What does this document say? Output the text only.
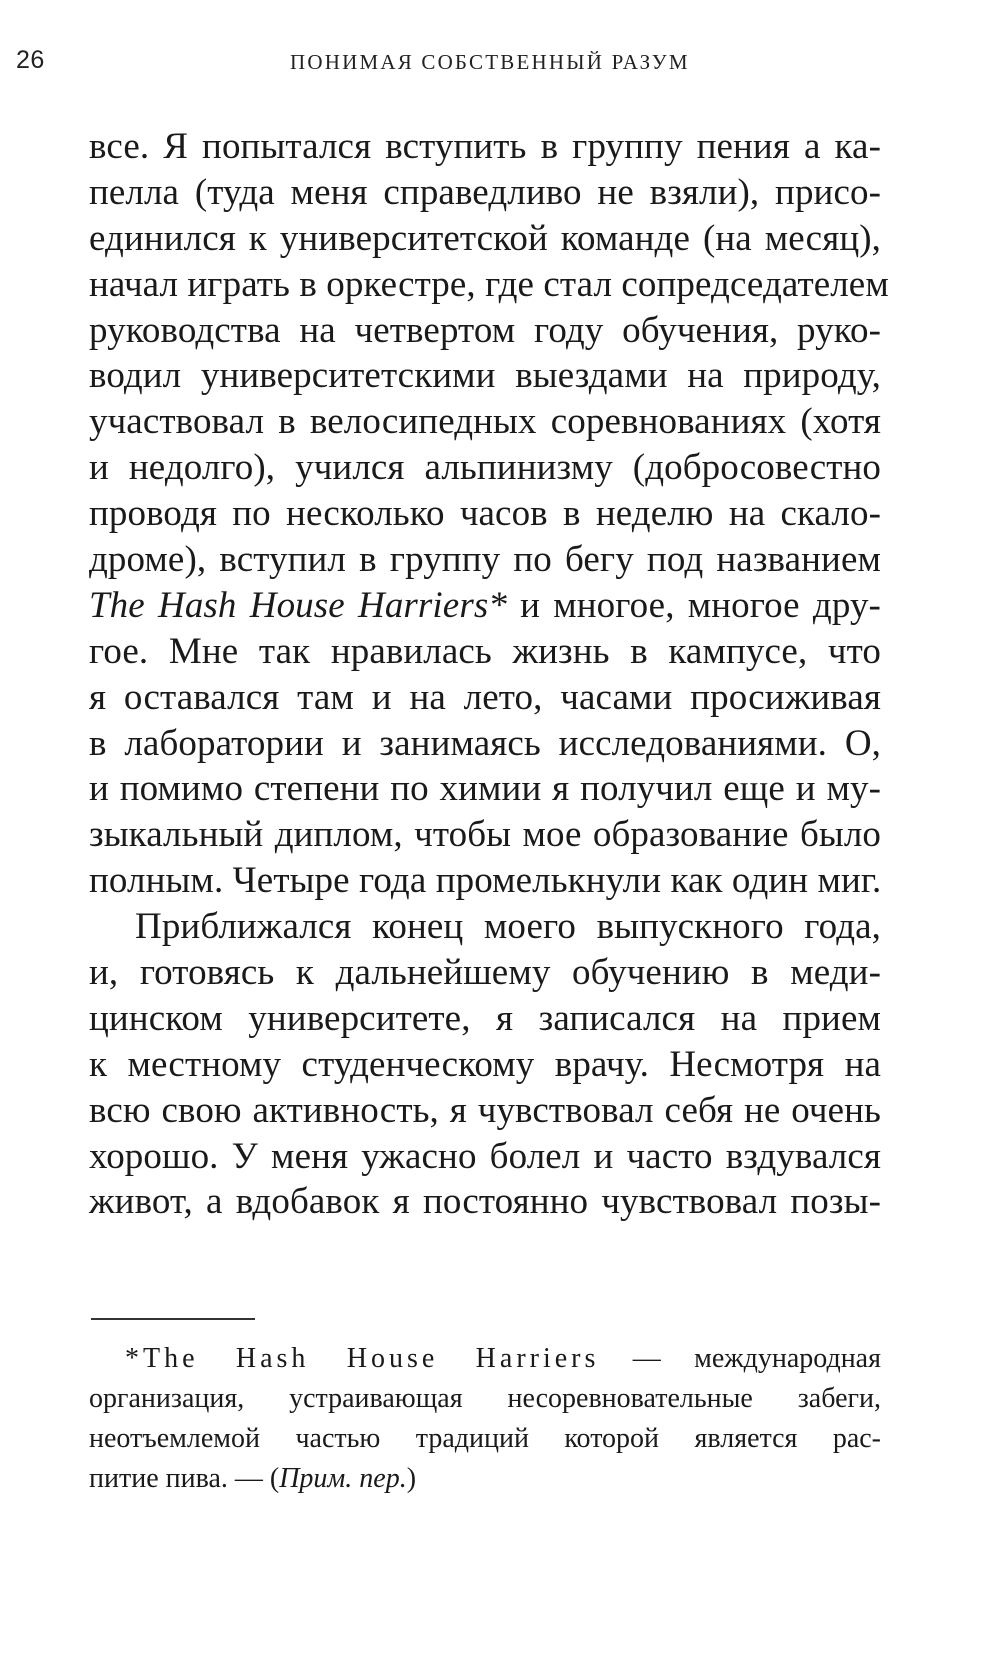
26	ПОНИМАЯ СОБСТВЕННЫЙ РАЗУМ
все. Я попытался вступить в группу пения а ка-
пелла (туда меня справедливо не взяли), присо-
единился к университетской команде (на месяц),
начал играть в оркестре, где стал сопредседателем
руководства на четвертом году обучения, руко-
водил университетскими выездами на природу,
участвовал в велосипедных соревнованиях (хотя
и недолго), учился альпинизму (добросовестно
проводя по несколько часов в неделю на скало-
дроме), вступил в группу по бегу под названием
The Hash House Harriers* и многое, многое дру-
гое. Мне так нравилась жизнь в кампусе, что
я оставался там и на лето, часами просиживая
в лаборатории и занимаясь исследованиями. О,
и помимо степени по химии я получил еще и му-
зыкальный диплом, чтобы мое образование было
полным. Четыре года промелькнули как один миг.
Приближался конец моего выпускного года,
и, готовясь к дальнейшему обучению в меди-
цинском университете, я записался на прием
к местному студенческому врачу. Несмотря на
всю свою активность, я чувствовал себя не очень
хорошо. У меня ужасно болел и часто вздувался
живот, а вдобавок я постоянно чувствовал позы-
*The Hash House Harriers — международная
организация, устраивающая несоревновательные забеги,
неотъемлемой частью традиций которой является рас-
питие пива. — (Прим. пер.)
